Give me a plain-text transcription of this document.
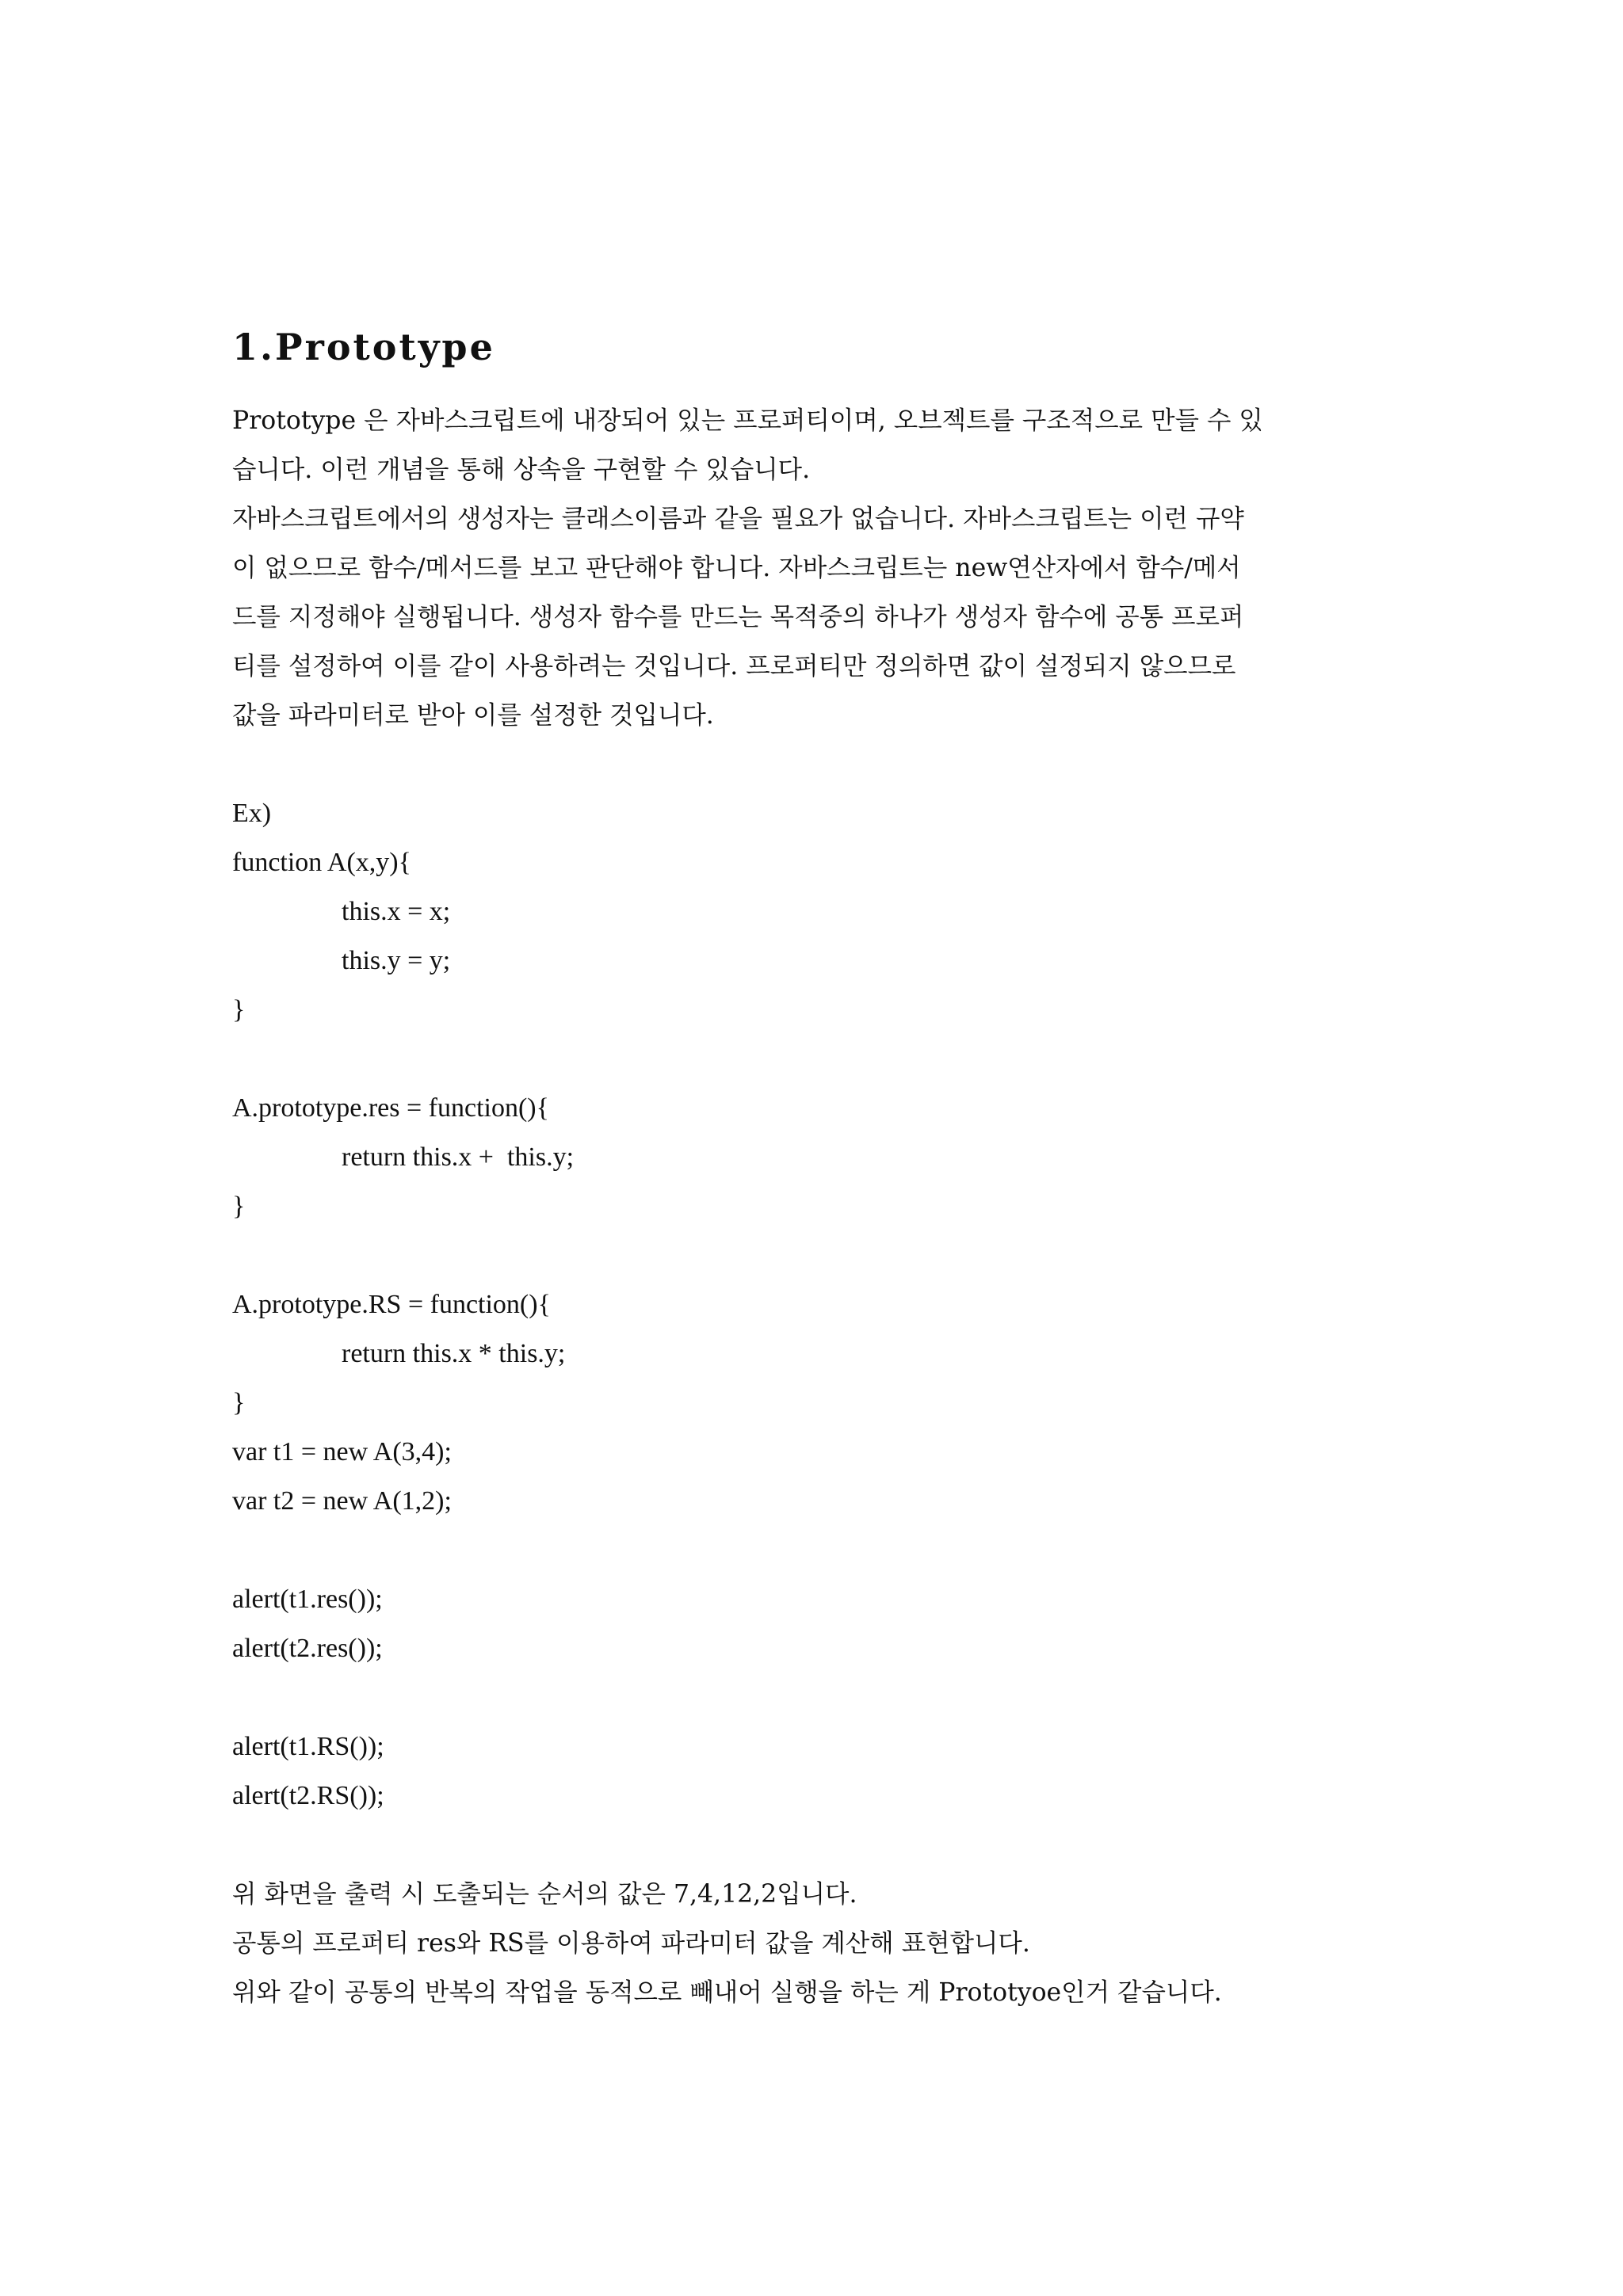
1.Prototype
Prototype 은 자바스크립트에 내장되어 있는 프로퍼티이며, 오브젝트를 구조적으로 만들 수 있
습니다. 이런 개념을 통해 상속을 구현할 수 있습니다.
자바스크립트에서의 생성자는 클래스이름과 같을 필요가 없습니다. 자바스크립트는 이런 규약
이 없으므로 함수/메서드를 보고 판단해야 합니다. 자바스크립트는 new연산자에서 함수/메서
드를 지정해야 실행됩니다. 생성자 함수를 만드는 목적중의 하나가 생성자 함수에 공통 프로퍼
티를 설정하여 이를 같이 사용하려는 것입니다. 프로퍼티만 정의하면 값이 설정되지 않으므로
값을 파라미터로 받아 이를 설정한 것입니다.
Ex)
function A(x,y){
this.x = x;
this.y = y;
}
A.prototype.res = function(){
return this.x +  this.y;
}
A.prototype.RS = function(){
return this.x * this.y;
}
var t1 = new A(3,4);
var t2 = new A(1,2);
alert(t1.res());
alert(t2.res());
alert(t1.RS());
alert(t2.RS());
위 화면을 출력 시 도출되는 순서의 값은 7,4,12,2입니다.
공통의 프로퍼티 res와 RS를 이용하여 파라미터 값을 계산해 표현합니다.
위와 같이 공통의 반복의 작업을 동적으로 빼내어 실행을 하는 게 Prototyoe인거 같습니다.
